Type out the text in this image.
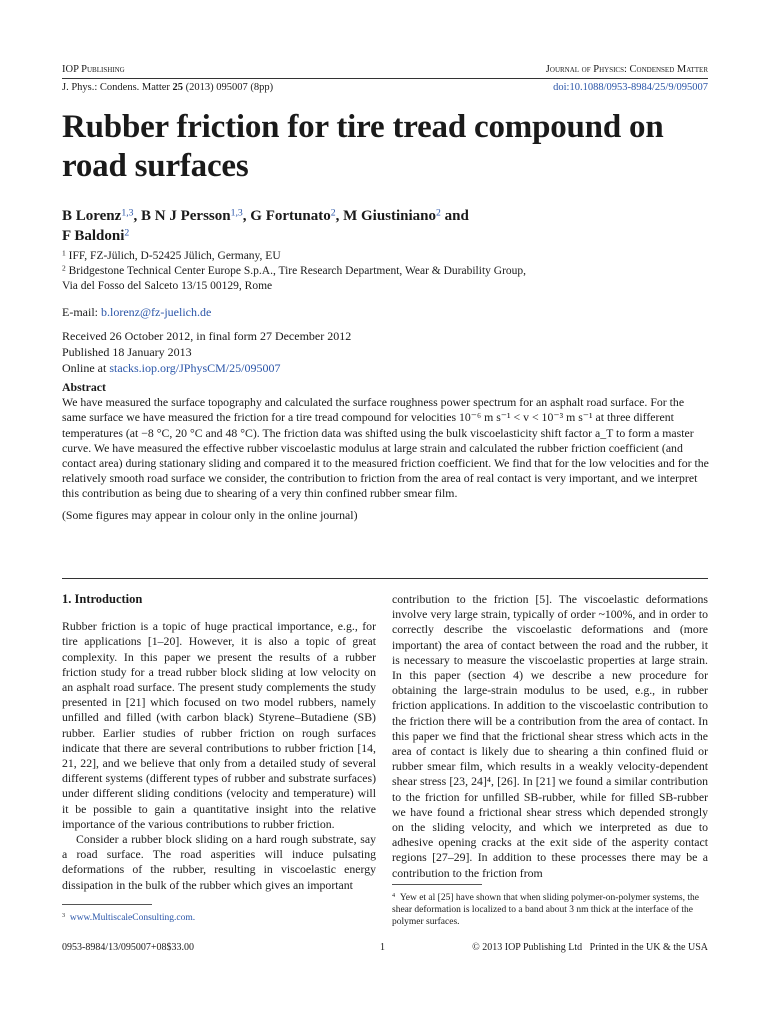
IOP Publishing	Journal of Physics: Condensed Matter
J. Phys.: Condens. Matter 25 (2013) 095007 (8pp)	doi:10.1088/0953-8984/25/9/095007
Rubber friction for tire tread compound on road surfaces
B Lorenz$^{1,3}$, B N J Persson$^{1,3}$, G Fortunato$^2$, M Giustiniano$^2$ and
F Baldoni$^2$
$^1$ IFF, FZ-Jülich, D-52425 Jülich, Germany, EU
$^2$ Bridgestone Technical Center Europe S.p.A., Tire Research Department, Wear & Durability Group,
Via del Fosso del Salceto 13/15 00129, Rome
E-mail: b.lorenz@fz-juelich.de
Received 26 October 2012, in final form 27 December 2012
Published 18 January 2013
Online at stacks.iop.org/JPhysCM/25/095007
Abstract

We have measured the surface topography and calculated the surface roughness power spectrum for an asphalt road surface. For the same surface we have measured the friction for a tire tread compound for velocities 10⁻⁶ m s⁻¹ < v < 10⁻³ m s⁻¹ at three different temperatures (at −8 °C, 20 °C and 48 °C). The friction data was shifted using the bulk viscoelasticity shift factor a_T to form a master curve. We have measured the effective rubber viscoelastic modulus at large strain and calculated the rubber friction coefficient (and contact area) during stationary sliding and compared it to the measured friction coefficient. We find that for the low velocities and for the relatively smooth road surface we consider, the contribution to friction from the area of real contact is very important, and we interpret this contribution as being due to shearing of a very thin confined rubber smear film.

(Some figures may appear in colour only in the online journal)

1. Introduction

Rubber friction is a topic of huge practical importance, e.g., for tire applications [1–20]. However, it is also a topic of great complexity. In this paper we present the results of a rubber friction study for a tread rubber block sliding at low velocity on an asphalt road surface. The present study complements the study presented in [21] which focused on two model rubbers, namely unfilled and filled (with carbon black) Styrene–Butadiene (SB) rubber. Earlier studies of rubber friction on rough surfaces indicate that there are several contributions to rubber friction [14, 21, 22], and we believe that only from a detailed study of several different systems (different types of rubber and substrate surfaces) under different sliding conditions (velocity and temperature) will it be possible to gain a quantitative insight into the relative importance of the various contributions to rubber friction.

Consider a rubber block sliding on a hard rough substrate, say a road surface. The road asperities will induce pulsating deformations of the rubber, resulting in viscoelastic energy dissipation in the bulk of the rubber which gives an important

$^3$ www.MultiscaleConsulting.com.

contribution to the friction [5]. The viscoelastic deformations involve very large strain, typically of order ~100%, and in order to correctly describe the viscoelastic deformations and (more important) the area of contact between the road and the rubber, it is necessary to measure the viscoelastic properties at large strain. In this paper (section 4) we describe a new procedure for obtaining the large-strain modulus to be used, e.g., in rubber friction applications. In addition to the viscoelastic contribution to the friction there will be a contribution from the area of contact. In this paper we find that the frictional shear stress which acts in the area of contact is likely due to shearing a thin confined fluid or rubber smear film, which results in a weakly velocity-dependent shear stress [23, 24]⁴, [26]. In [21] we found a similar contribution to the friction for unfilled SB-rubber, while for filled SB-rubber we have found a frictional shear stress which depended strongly on the sliding velocity, and which we interpreted as due to adhesive opening cracks at the exit side of the asperity contact regions [27–29]. In addition to these processes there may be a contribution to the friction from

$^4$ Yew et al [25] have shown that when sliding polymer-on-polymer systems, the shear deformation is localized to a band about 3 nm thick at the interface of the polymer surfaces.
0953-8984/13/095007+08$33.00	1	© 2013 IOP Publishing Ltd   Printed in the UK & the USA
